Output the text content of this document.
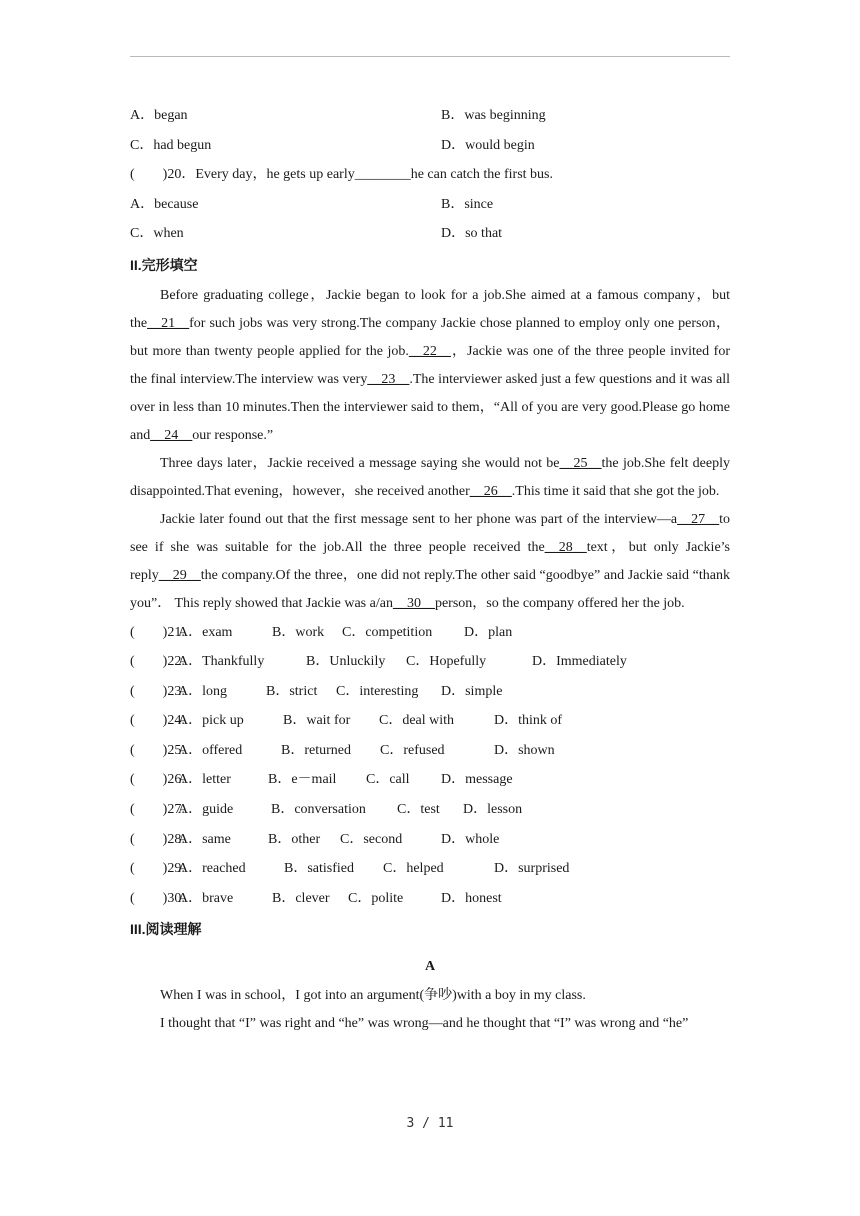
A．began	B．was beginning
C．had begun	D．would begin
(　　)20．Every day，he gets up early________he can catch the first bus.
A．because	B．since
C．when	D．so that
II.完形填空

Before graduating college，Jackie began to look for a job.She aimed at a famous company，but the__21__for such jobs was very strong.The company Jackie chose planned to employ only one person，but more than twenty people applied for the job.__22__，Jackie was one of the three people invited for the final interview.The interview was very__23__.The interviewer asked just a few questions and it was all over in less than 10 minutes.Then the interviewer said to them，“All of you are very good.Please go home and__24__our response.”

Three days later，Jackie received a message saying she would not be__25__the job.She felt deeply disappointed.That evening，however，she received another__26__.This time it said that she got the job.

Jackie later found out that the first message sent to her phone was part of the interview—a__27__to see if she was suitable for the job.All the three people received the__28__text，but only Jackie’s reply__29__the company.Of the three，one did not reply.The other said “goodbye” and Jackie said “thank you”． This reply showed that Jackie was a/an__30__person，so the company offered her the job.

(　　)21.
A．exam	B．work C．competition D．plan
(　　)22.
A．Thankfully	B．Unluckily C．Hopefully	D．Immediately
(　　)23.
A．long	B．strict C．interesting D．simple
(　　)24.
A．pick up	B．wait for C．deal with	D．think of
(　　)25.
A．offered	B．returned C．refused	D．shown
(　　)26.
A．letter	B．e－mail C．call D．message
(　　)27.
A．guide	B．conversation C．test D．lesson
(　　)28.
A．same	B．other C．second	D．whole
(　　)29.
A．reached	B．satisfied C．helped	D．surprised
(　　)30.
A．brave	B．clever C．polite	D．honest
III.阅读理解
A

When I was in school，I got into an argument(争吵)with a boy in my class.

I thought that “I” was right and “he” was wrong—and he thought that “I” was wrong and “he”

3 / 11
